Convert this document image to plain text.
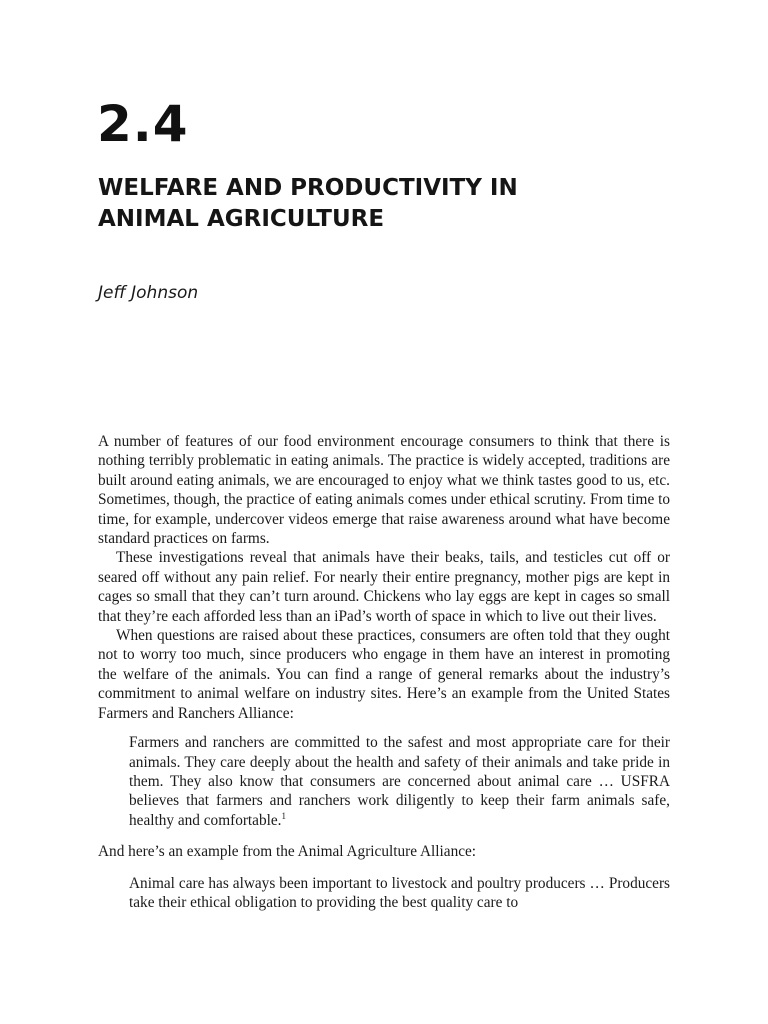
2.4
WELFARE AND PRODUCTIVITY IN
ANIMAL AGRICULTURE
Jeff Johnson

A number of features of our food environment encourage consumers to think that there is nothing terribly problematic in eating animals. The practice is widely accepted, traditions are built around eating animals, we are encouraged to enjoy what we think tastes good to us, etc. Sometimes, though, the practice of eating animals comes under ethical scrutiny. From time to time, for example, undercover videos emerge that raise awareness around what have become standard practices on farms.

These investigations reveal that animals have their beaks, tails, and testicles cut off or seared off without any pain relief. For nearly their entire pregnancy, mother pigs are kept in cages so small that they can’t turn around. Chickens who lay eggs are kept in cages so small that they’re each afforded less than an iPad’s worth of space in which to live out their lives.

When questions are raised about these practices, consumers are often told that they ought not to worry too much, since producers who engage in them have an interest in promoting the welfare of the animals. You can find a range of general remarks about the industry’s commitment to animal welfare on industry sites. Here’s an example from the United States Farmers and Ranchers Alliance:

Farmers and ranchers are committed to the safest and most appropriate care for their animals. They care deeply about the health and safety of their animals and take pride in them. They also know that consumers are concerned about animal care … USFRA believes that farmers and ranchers work diligently to keep their farm animals safe, healthy and comfortable.$^1$

And here’s an example from the Animal Agriculture Alliance:

Animal care has always been important to livestock and poultry producers … Producers take their ethical obligation to providing the best quality care to
